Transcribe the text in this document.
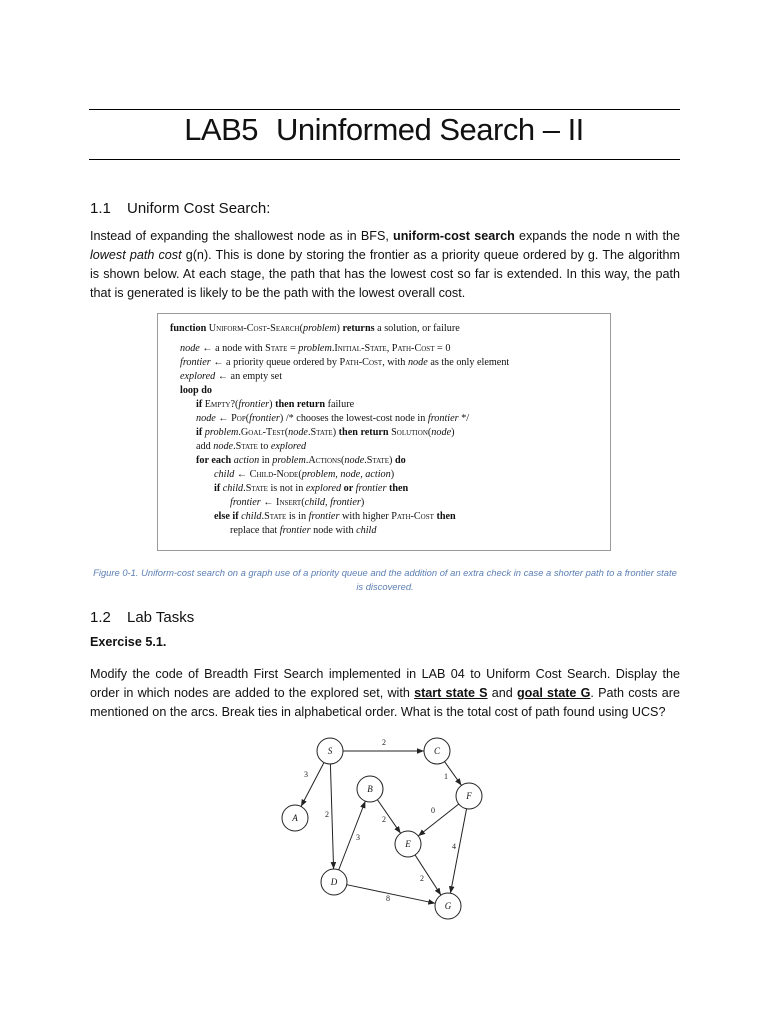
LAB5 Uninformed Search – II
1.1 Uniform Cost Search:
Instead of expanding the shallowest node as in BFS, uniform-cost search expands the node n with the lowest path cost g(n). This is done by storing the frontier as a priority queue ordered by g. The algorithm is shown below. At each stage, the path that has the lowest cost so far is extended. In this way, the path that is generated is likely to be the path with the lowest overall cost.
function Uniform-Cost-Search(problem) returns a solution, or failure
node ← a node with State = problem.Initial-State, Path-Cost = 0
frontier ← a priority queue ordered by Path-Cost, with node as the only element
explored ← an empty set
loop do
if Empty?(frontier) then return failure
node ← Pop(frontier) /* chooses the lowest-cost node in frontier */
if problem.Goal-Test(node.State) then return Solution(node)
add node.State to explored
for each action in problem.Actions(node.State) do
child ← Child-Node(problem, node, action)
if child.State is not in explored or frontier then
frontier ← Insert(child, frontier)
else if child.State is in frontier with higher Path-Cost then
replace that frontier node with child
Figure 0-1. Uniform-cost search on a graph use of a priority queue and the addition of an extra check in case a shorter path to a frontier state is discovered.
1.2 Lab Tasks
Exercise 5.1.
Modify the code of Breadth First Search implemented in LAB 04 to Uniform Cost Search. Display the order in which nodes are added to the explored set, with start state S and goal state G. Path costs are mentioned on the arcs. Break ties in alphabetical order. What is the total cost of path found using UCS?
2
3
2
1
0
2
3
4
2
8
S	C
A
B
F
E
D
G
